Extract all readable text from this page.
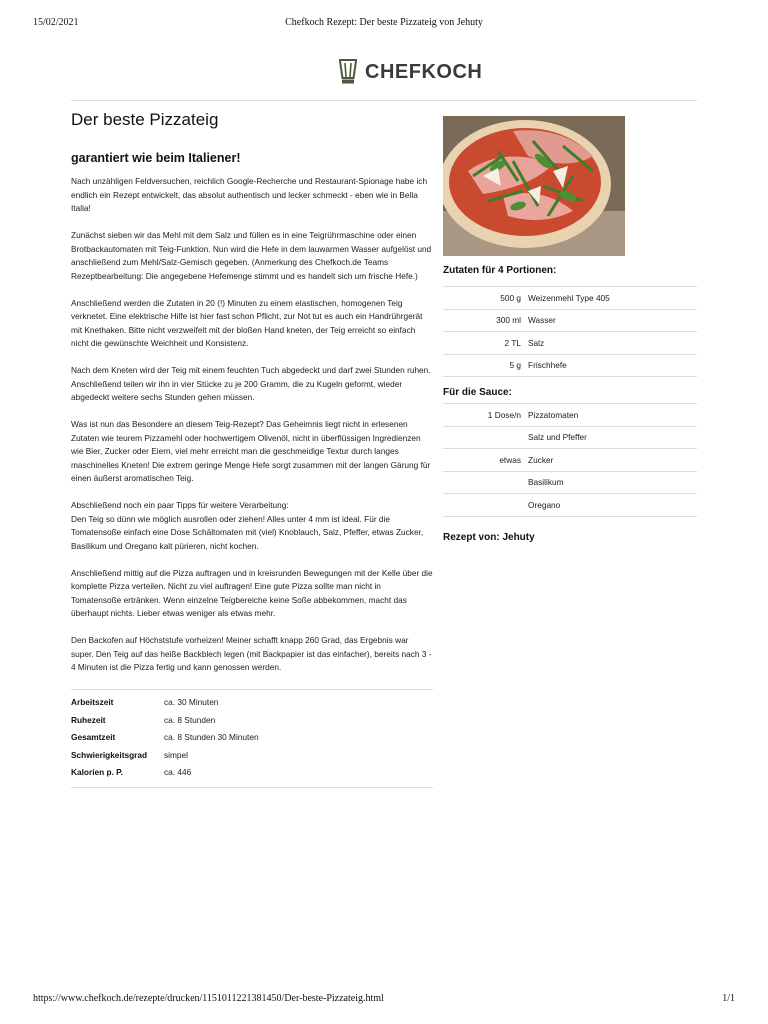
15/02/2021	Chefkoch Rezept: Der beste Pizzateig von Jehuty
CHEFKOCH
Der beste Pizzateig
garantiert wie beim Italiener!

Nach unzähligen Feldversuchen, reichlich Google-Recherche und Restaurant-Spionage habe ich endlich ein Rezept entwickelt, das absolut authentisch und lecker schmeckt - eben wie in Bella Italia!

Zunächst sieben wir das Mehl mit dem Salz und füllen es in eine Teigrührmaschine oder einen Brotbackautomaten mit Teig-Funktion. Nun wird die Hefe in dem lauwarmen Wasser aufgelöst und anschließend zum Mehl/Salz-Gemisch gegeben. (Anmerkung des Chefkoch.de Teams Rezeptbearbeitung: Die angegebene Hefemenge stimmt und es handelt sich um frische Hefe.)

Anschließend werden die Zutaten in 20 (!) Minuten zu einem elastischen, homogenen Teig verknetet. Eine elektrische Hilfe ist hier fast schon Pflicht, zur Not tut es auch ein Handrührgerät mit Knethaken. Bitte nicht verzweifelt mit der bloßen Hand kneten, der Teig erreicht so einfach nicht die gewünschte Weichheit und Konsistenz.

Nach dem Kneten wird der Teig mit einem feuchten Tuch abgedeckt und darf zwei Stunden ruhen. Anschließend teilen wir ihn in vier Stücke zu je 200 Gramm, die zu Kugeln geformt, wieder abgedeckt weitere sechs Stunden gehen müssen.

Was ist nun das Besondere an diesem Teig-Rezept? Das Geheimnis liegt nicht in erlesenen Zutaten wie teurem Pizzamehl oder hochwertigem Olivenöl, nicht in überflüssigen Ingredienzen wie Bier, Zucker oder Eiern, viel mehr erreicht man die geschmeidige Textur durch langes maschinelles Kneten! Die extrem geringe Menge Hefe sorgt zusammen mit der langen Gärung für einen äußerst aromatischen Teig.

Abschließend noch ein paar Tipps für weitere Verarbeitung:
Den Teig so dünn wie möglich ausrollen oder ziehen! Alles unter 4 mm ist ideal. Für die Tomatensoße einfach eine Dose Schältomaten mit (viel) Knoblauch, Salz, Pfeffer, etwas Zucker, Basilikum und Oregano kalt pürieren, nicht kochen.

Anschließend mittig auf die Pizza auftragen und in kreisrunden Bewegungen mit der Kelle über die komplette Pizza verteilen. Nicht zu viel auftragen! Eine gute Pizza sollte man nicht in Tomatensoße ertränken. Wenn einzelne Teigbereiche keine Soße abbekommen, macht das überhaupt nichts. Lieber etwas weniger als etwas mehr.

Den Backofen auf Höchststufe vorheizen! Meiner schafft knapp 260 Grad, das Ergebnis war super. Den Teig auf das heiße Backblech legen (mit Backpapier ist das einfacher), bereits nach 3 - 4 Minuten ist die Pizza fertig und kann genossen werden.

Arbeitszeit	ca. 30 Minuten
Ruhezeit	ca. 8 Stunden
Gesamtzeit	ca. 8 Stunden 30 Minuten
Schwierigkeitsgrad	simpel
Kalorien p. P.	ca. 446
Zutaten für 4 Portionen:
500 g Weizenmehl Type 405
300 ml Wasser
2 TL Salz
5 g Frischhefe
Für die Sauce:
1 Dose/n Pizzatomaten
Salz und Pfeffer
etwas Zucker
Basilikum
Oregano
Rezept von: Jehuty
https://www.chefkoch.de/rezepte/drucken/1151011221381450/Der-beste-Pizzateig.html	1/1
